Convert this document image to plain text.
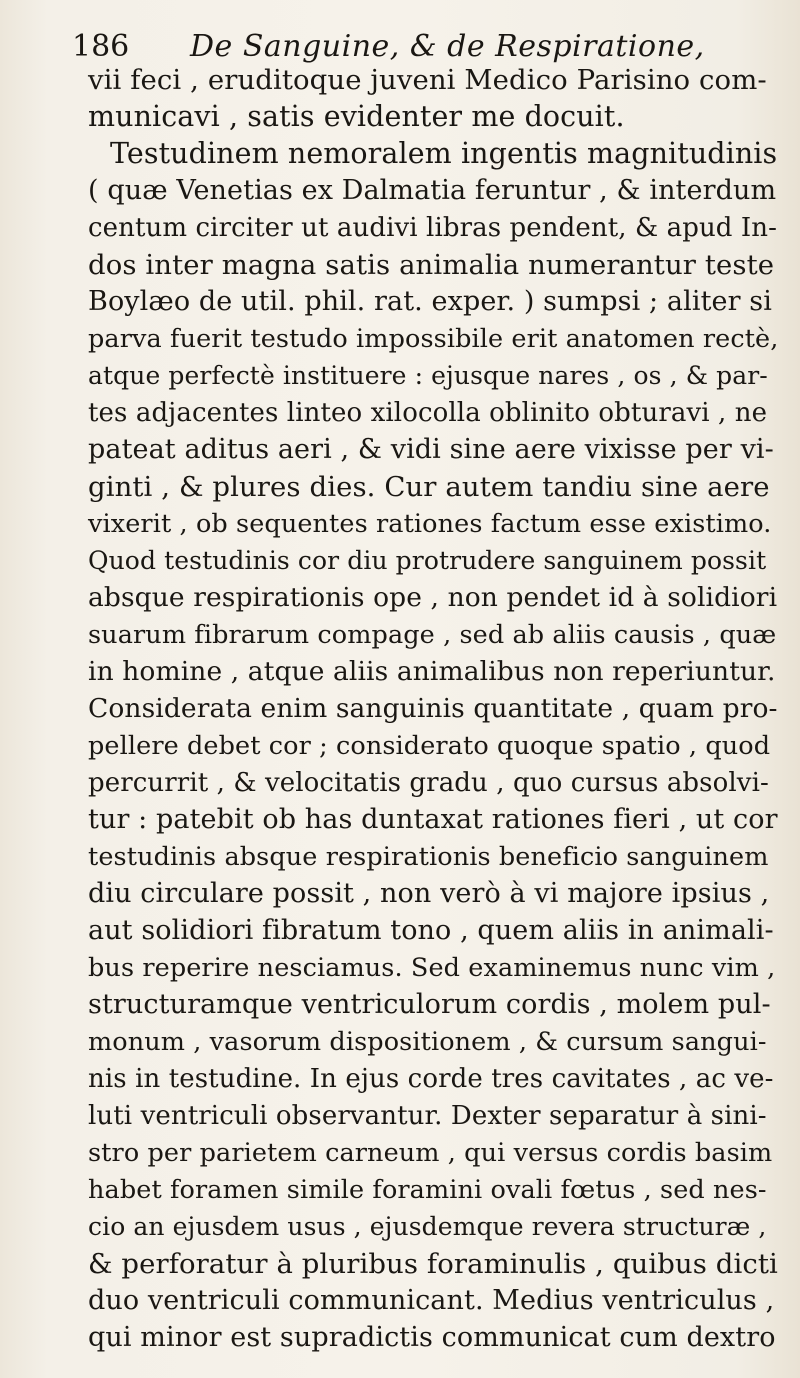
186 De Sanguine, & de Respiratione,
vii feci , eruditoque juveni Medico Parisino com-
municavi , satis evidenter me docuit.
Testudinem nemoralem ingentis magnitudinis
( quæ Venetias ex Dalmatia feruntur , & interdum
centum circiter ut audivi libras pendent, & apud In-
dos inter magna satis animalia numerantur teste
Boylæo de util. phil. rat. exper. ) sumpsi ; aliter si
parva fuerit testudo impossibile erit anatomen rectè,
atque perfectè instituere : ejusque nares , os , & par-
tes adjacentes linteo xilocolla oblinito obturavi , ne
pateat aditus aeri , & vidi sine aere vixisse per vi-
ginti , & plures dies. Cur autem tandiu sine aere
vixerit , ob sequentes rationes factum esse existimo.
Quod testudinis cor diu protrudere sanguinem possit
absque respirationis ope , non pendet id à solidiori
suarum fibrarum compage , sed ab aliis causis , quæ
in homine , atque aliis animalibus non reperiuntur.
Considerata enim sanguinis quantitate , quam pro-
pellere debet cor ; considerato quoque spatio , quod
percurrit , & velocitatis gradu , quo cursus absolvi-
tur : patebit ob has duntaxat rationes fieri , ut cor
testudinis absque respirationis beneficio sanguinem
diu circulare possit , non verò à vi majore ipsius ,
aut solidiori fibratum tono , quem aliis in animali-
bus reperire nesciamus. Sed examinemus nunc vim ,
structuramque ventriculorum cordis , molem pul-
monum , vasorum dispositionem , & cursum sangui-
nis in testudine. In ejus corde tres cavitates , ac ve-
luti ventriculi observantur. Dexter separatur à sini-
stro per parietem carneum , qui versus cordis basim
habet foramen simile foramini ovali fœtus , sed nes-
cio an ejusdem usus , ejusdemque revera structuræ ,
& perforatur à pluribus foraminulis , quibus dicti
duo ventriculi communicant. Medius ventriculus ,
qui minor est supradictis communicat cum dextro
